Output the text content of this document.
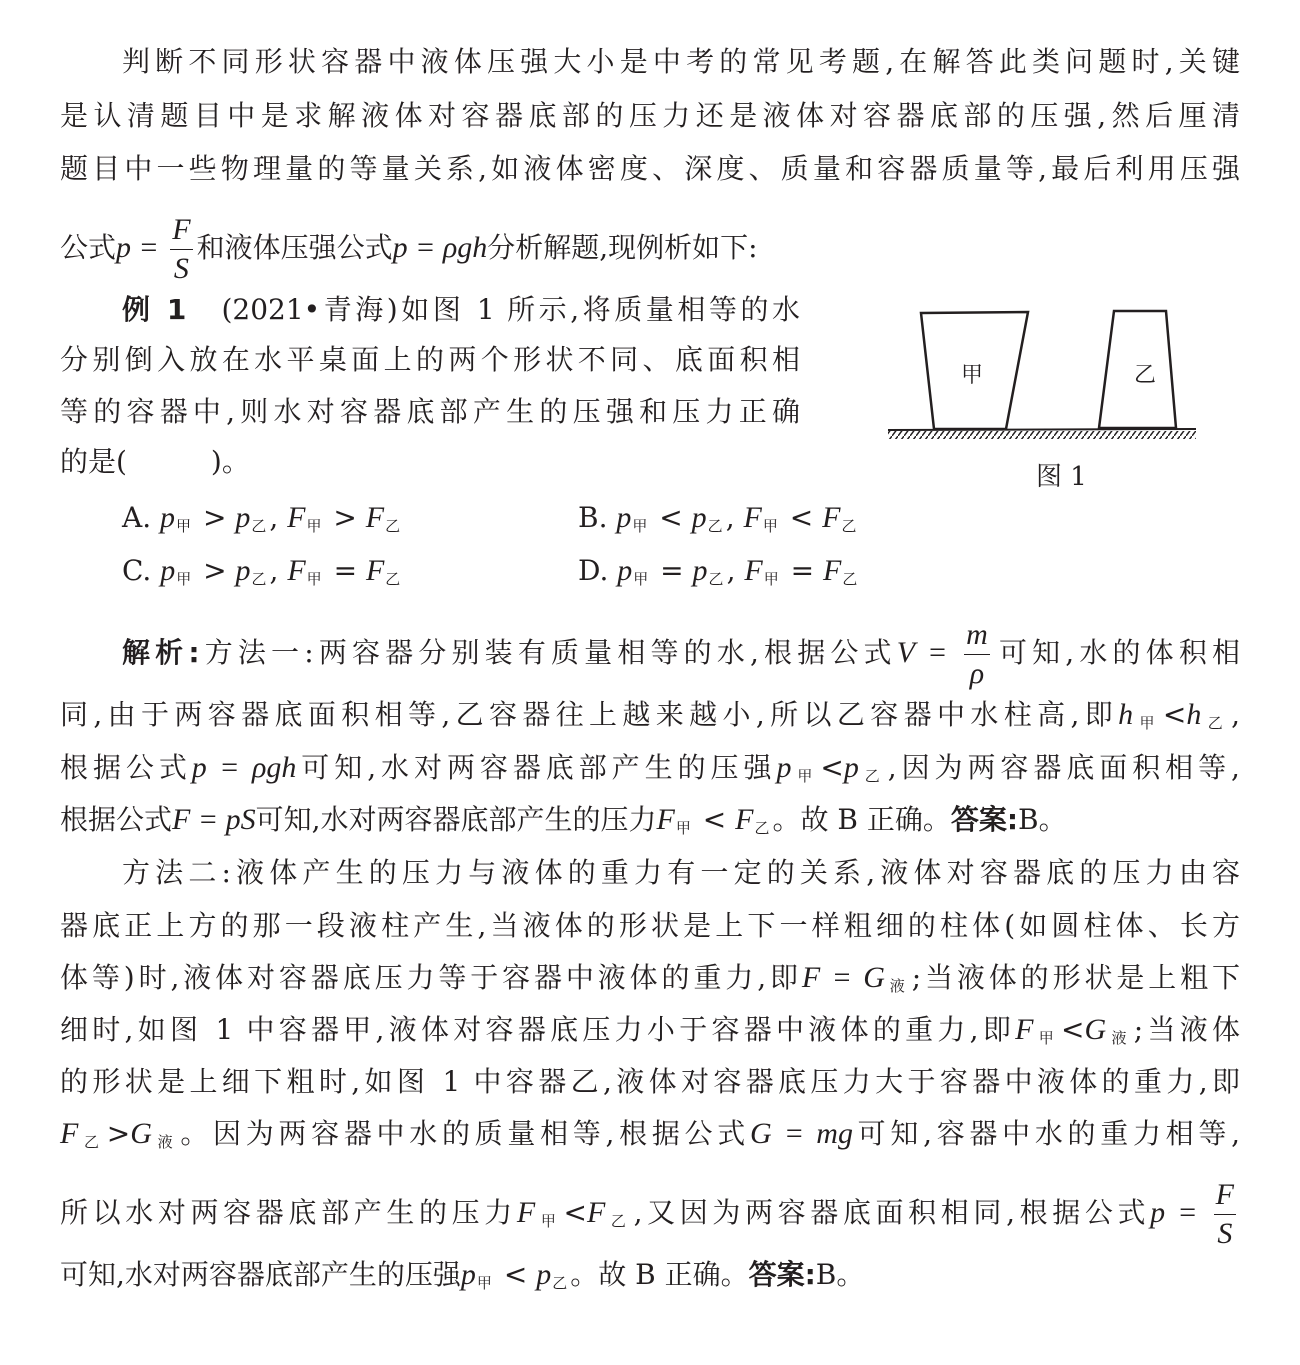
判断不同形状容器中液体压强大小是中考的常见考题,在解答此类问题时,关键
是认清题目中是求解液体对容器底部的压力还是液体对容器底部的压强,然后厘清
题目中一些物理量的等量关系,如液体密度、深度、质量和容器质量等,最后利用压强
公式$p = \frac{F}{S}$ 和液体压强公式p = ρgh分析解题,现例析如下:
例 1　(2021•青海)如图 1 所示,将质量相等的水
分别倒入放在水平桌面上的两个形状不同、底面积相
等的容器中,则水对容器底部产生的压强和压力正确
的是(　　　)。
A. p甲 > p乙 , F甲 > F乙	B. p甲 < p乙 , F甲 < F乙
C. p甲 > p乙 , F甲 = F乙	D. p甲 = p乙 , F甲 = F乙
解析:方法一:两容器分别装有质量相等的水,根据公式$V = \frac{m}{\rho}$ 可知,水的体积相
同,由于两容器底面积相等,乙容器往上越来越小,所以乙容器中水柱高,即h甲 <h乙 ,
根据公式p = ρgh可知,水对两容器底部产生的压强p甲 <p乙 ,因为两容器底面积相等,
根据公式F = pS可知,水对两容器底部产生的压力F甲 < F乙 。故 B 正确。答案:B。
方法二:液体产生的压力与液体的重力有一定的关系,液体对容器底的压力由容
器底正上方的那一段液柱产生,当液体的形状是上下一样粗细的柱体(如圆柱体、长方
体等)时,液体对容器底压力等于容器中液体的重力,即F = G液 ;当液体的形状是上粗下
细时,如图 1 中容器甲,液体对容器底压力小于容器中液体的重力,即F甲 <G液 ;当液体
的形状是上细下粗时,如图 1 中容器乙,液体对容器底压力大于容器中液体的重力,即
F乙 >G液 。因为两容器中水的质量相等,根据公式G = mg可知,容器中水的重力相等,
所以水对两容器底部产生的压力F甲 <F乙 ,又因为两容器底面积相同,根据公式$p = \frac{F}{S}$
可知,水对两容器底部产生的压强p甲 < p乙 。故 B 正确。答案:B。
甲	乙
图 1
